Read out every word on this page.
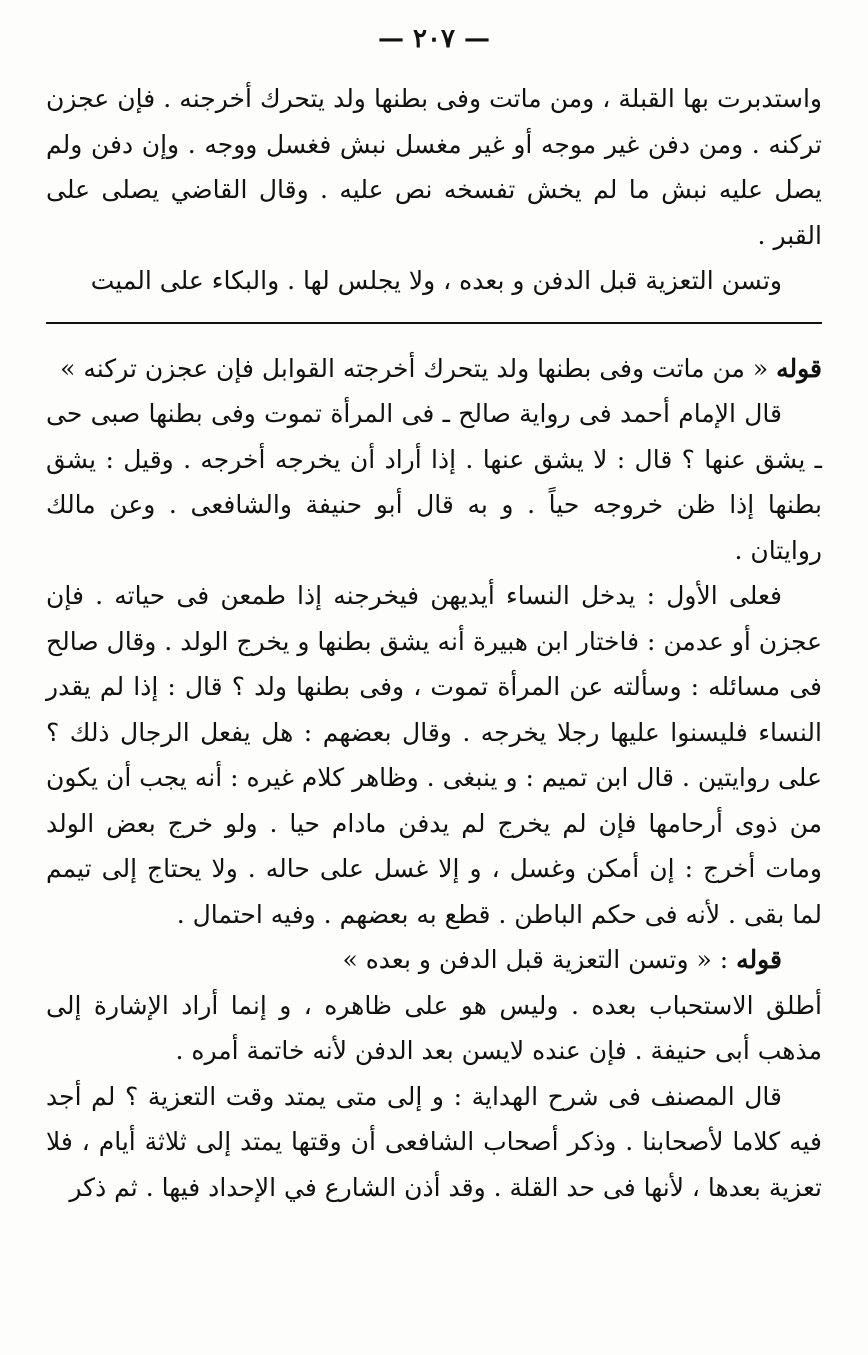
— ٢٠٧ —

واستدبرت بها القبلة ، ومن ماتت وفى بطنها ولد يتحرك أخرجنه . فإن عجزن تركنه . ومن دفن غير موجه أو غير مغسل نبش فغسل ووجه . وإن دفن ولم يصل عليه نبش ما لم يخش تفسخه نص عليه . وقال القاضي يصلى على القبر .

وتسن التعزية قبل الدفن و بعده ، ولا يجلس لها . والبكاء على الميت

قوله « من ماتت وفى بطنها ولد يتحرك أخرجته القوابل فإن عجزن تركنه »

قال الإمام أحمد فى رواية صالح ـ فى المرأة تموت وفى بطنها صبى حى ـ يشق عنها ؟ قال : لا يشق عنها . إذا أراد أن يخرجه أخرجه . وقيل : يشق بطنها إذا ظن خروجه حياً . و به قال أبو حنيفة والشافعى . وعن مالك روايتان .

فعلى الأول : يدخل النساء أيديهن فيخرجنه إذا طمعن فى حياته . فإن عجزن أو عدمن : فاختار ابن هبيرة أنه يشق بطنها و يخرج الولد . وقال صالح فى مسائله : وسألته عن المرأة تموت ، وفى بطنها ولد ؟ قال : إذا لم يقدر النساء فليسنوا عليها رجلا يخرجه . وقال بعضهم : هل يفعل الرجال ذلك ؟ على روايتين . قال ابن تميم : و ينبغى . وظاهر كلام غيره : أنه يجب أن يكون من ذوى أرحامها فإن لم يخرج لم يدفن مادام حيا . ولو خرج بعض الولد ومات أخرج : إن أمكن وغسل ، و إلا غسل على حاله . ولا يحتاج إلى تيمم لما بقى . لأنه فى حكم الباطن . قطع به بعضهم . وفيه احتمال .

قوله : « وتسن التعزية قبل الدفن و بعده »

أطلق الاستحباب بعده . وليس هو على ظاهره ، و إنما أراد الإشارة إلى مذهب أبى حنيفة . فإن عنده لايسن بعد الدفن لأنه خاتمة أمره .

قال المصنف فى شرح الهداية : و إلى متى يمتد وقت التعزية ؟ لم أجد فيه كلاما لأصحابنا . وذكر أصحاب الشافعى أن وقتها يمتد إلى ثلاثة أيام ، فلا تعزية بعدها ، لأنها فى حد القلة . وقد أذن الشارع في الإحداد فيها . ثم ذكر
